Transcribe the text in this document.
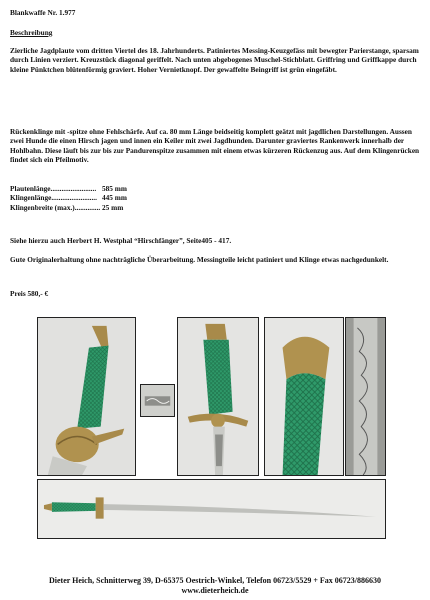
Blankwaffe Nr. 1.977
Beschreibung
Zierliche Jagdplaute vom dritten Viertel des 18. Jahrhunderts. Patiniertes Messing-Keuzgefäss mit bewegter Parierstange, sparsam durch Linien verziert. Kreuzstück diagonal geriffelt. Nach unten abgebogenes Muschel-Stichblatt. Griffring und Griffkappe durch kleine Pünktchen blütenförmig graviert. Hoher Vernietknopf. Der gewaffelte Beingriff ist grün eingefäbt.
Rückenklinge mit -spitze ohne Fehlschärfe. Auf ca. 80 mm Länge beidseitig komplett geätzt mit jagdlichen Darstellungen. Aussen zwei Hunde die einen Hirsch jagen und innen ein Keiler mit zwei Jagdhunden. Darunter graviertes Rankenwerk innerhalb der Hohlbahn. Diese läuft bis zur bis zur Pandurenspitze zusammen mit einem etwas kürzeren Rückenzug aus. Auf dem Klingenrücken findet sich ein Pfeilmotiv.
Plautenlänge......................... 585 mm
Klingenlänge......................... 445 mm
Klingenbreite (max.).............. 25 mm
Siehe hierzu auch Herbert H. Westphal “Hirschfänger”, Seite405 - 417.
Gute Originalerhaltung ohne nachträgliche Überarbeitung. Messingteile leicht patiniert und Klinge etwas nachgedunkelt.
Preis 580,- €
Dieter Heich, Schnitterweg 39, D-65375 Oestrich-Winkel, Telefon 06723/5529 + Fax 06723/886630
www.dieterheich.de
